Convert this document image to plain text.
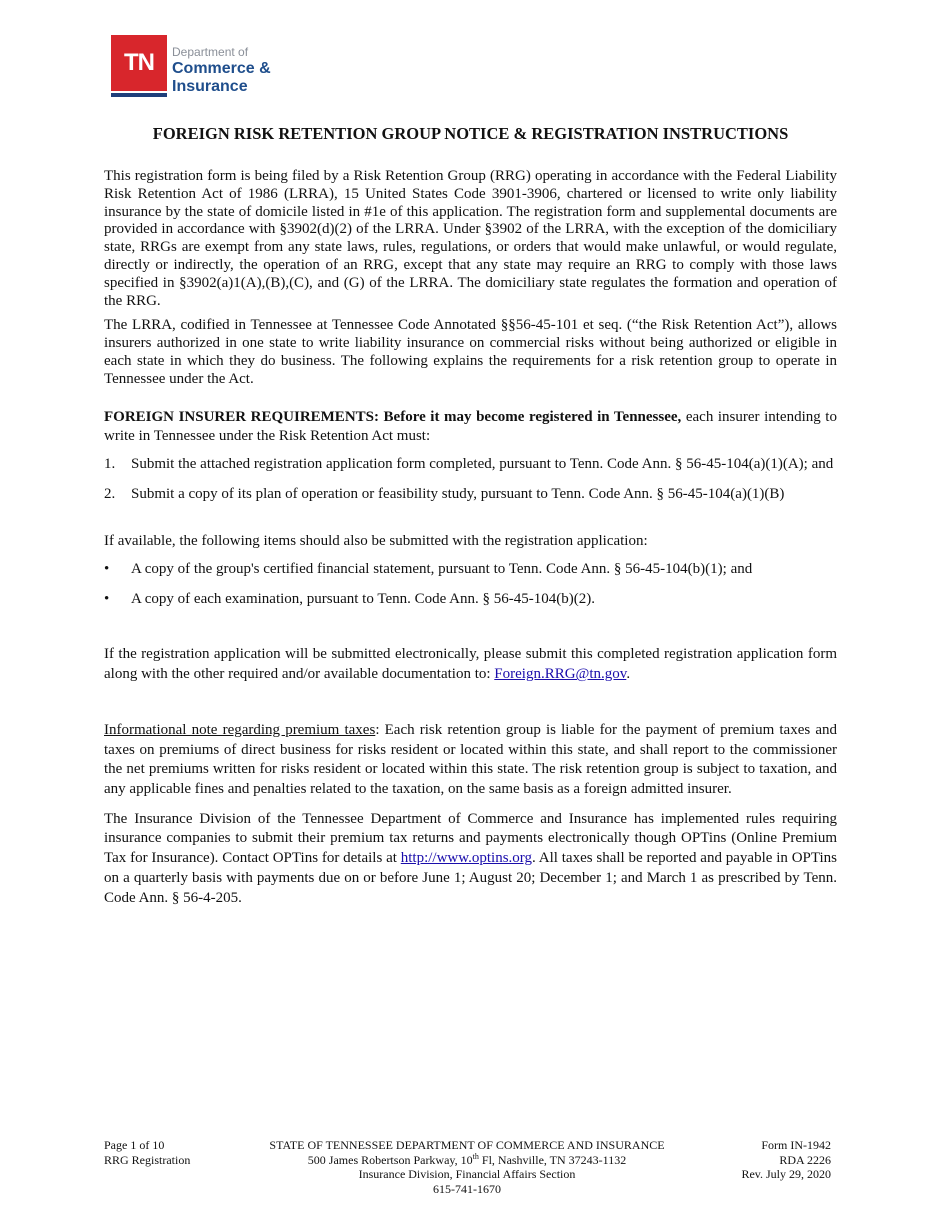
TN	Department of
Commerce &
Insurance
FOREIGN RISK RETENTION GROUP NOTICE & REGISTRATION INSTRUCTIONS

This registration form is being filed by a Risk Retention Group (RRG) operating in accordance with the Federal Liability Risk Retention Act of 1986 (LRRA), 15 United States Code 3901-3906, chartered or licensed to write only liability insurance by the state of domicile listed in #1e of this application. The registration form and supplemental documents are provided in accordance with §3902(d)(2) of the LRRA. Under §3902 of the LRRA, with the exception of the domiciliary state, RRGs are exempt from any state laws, rules, regulations, or orders that would make unlawful, or would regulate, directly or indirectly, the operation of an RRG, except that any state may require an RRG to comply with those laws specified in §3902(a)1(A),(B),(C), and (G) of the LRRA. The domiciliary state regulates the formation and operation of the RRG.

The LRRA, codified in Tennessee at Tennessee Code Annotated §§56-45-101 et seq. (“the Risk Retention Act”), allows insurers authorized in one state to write liability insurance on commercial risks without being authorized or eligible in each state in which they do business. The following explains the requirements for a risk retention group to operate in Tennessee under the Act.

FOREIGN INSURER REQUIREMENTS: Before it may become registered in Tennessee, each insurer intending to write in Tennessee under the Risk Retention Act must:

1. Submit the attached registration application form completed, pursuant to Tenn. Code Ann. § 56-45-104(a)(1)(A); and
2. Submit a copy of its plan of operation or feasibility study, pursuant to Tenn. Code Ann. § 56-45-104(a)(1)(B)

If available, the following items should also be submitted with the registration application:

• A copy of the group's certified financial statement, pursuant to Tenn. Code Ann. § 56-45-104(b)(1); and
• A copy of each examination, pursuant to Tenn. Code Ann. § 56-45-104(b)(2).

If the registration application will be submitted electronically, please submit this completed registration application form along with the other required and/or available documentation to: Foreign.RRG@tn.gov.

Informational note regarding premium taxes: Each risk retention group is liable for the payment of premium taxes and taxes on premiums of direct business for risks resident or located within this state, and shall report to the commissioner the net premiums written for risks resident or located within this state. The risk retention group is subject to taxation, and any applicable fines and penalties related to the taxation, on the same basis as a foreign admitted insurer.

The Insurance Division of the Tennessee Department of Commerce and Insurance has implemented rules requiring insurance companies to submit their premium tax returns and payments electronically though OPTins (Online Premium Tax for Insurance). Contact OPTins for details at http://www.optins.org. All taxes shall be reported and payable in OPTins on a quarterly basis with payments due on or before June 1; August 20; December 1; and March 1 as prescribed by Tenn. Code Ann. § 56-4-205.

Page 1 of 10
RRG Registration
STATE OF TENNESSEE DEPARTMENT OF COMMERCE AND INSURANCE
500 James Robertson Parkway, 10th Fl, Nashville, TN 37243-1132
Insurance Division, Financial Affairs Section
615-741-1670
Form IN-1942
RDA 2226
Rev. July 29, 2020
